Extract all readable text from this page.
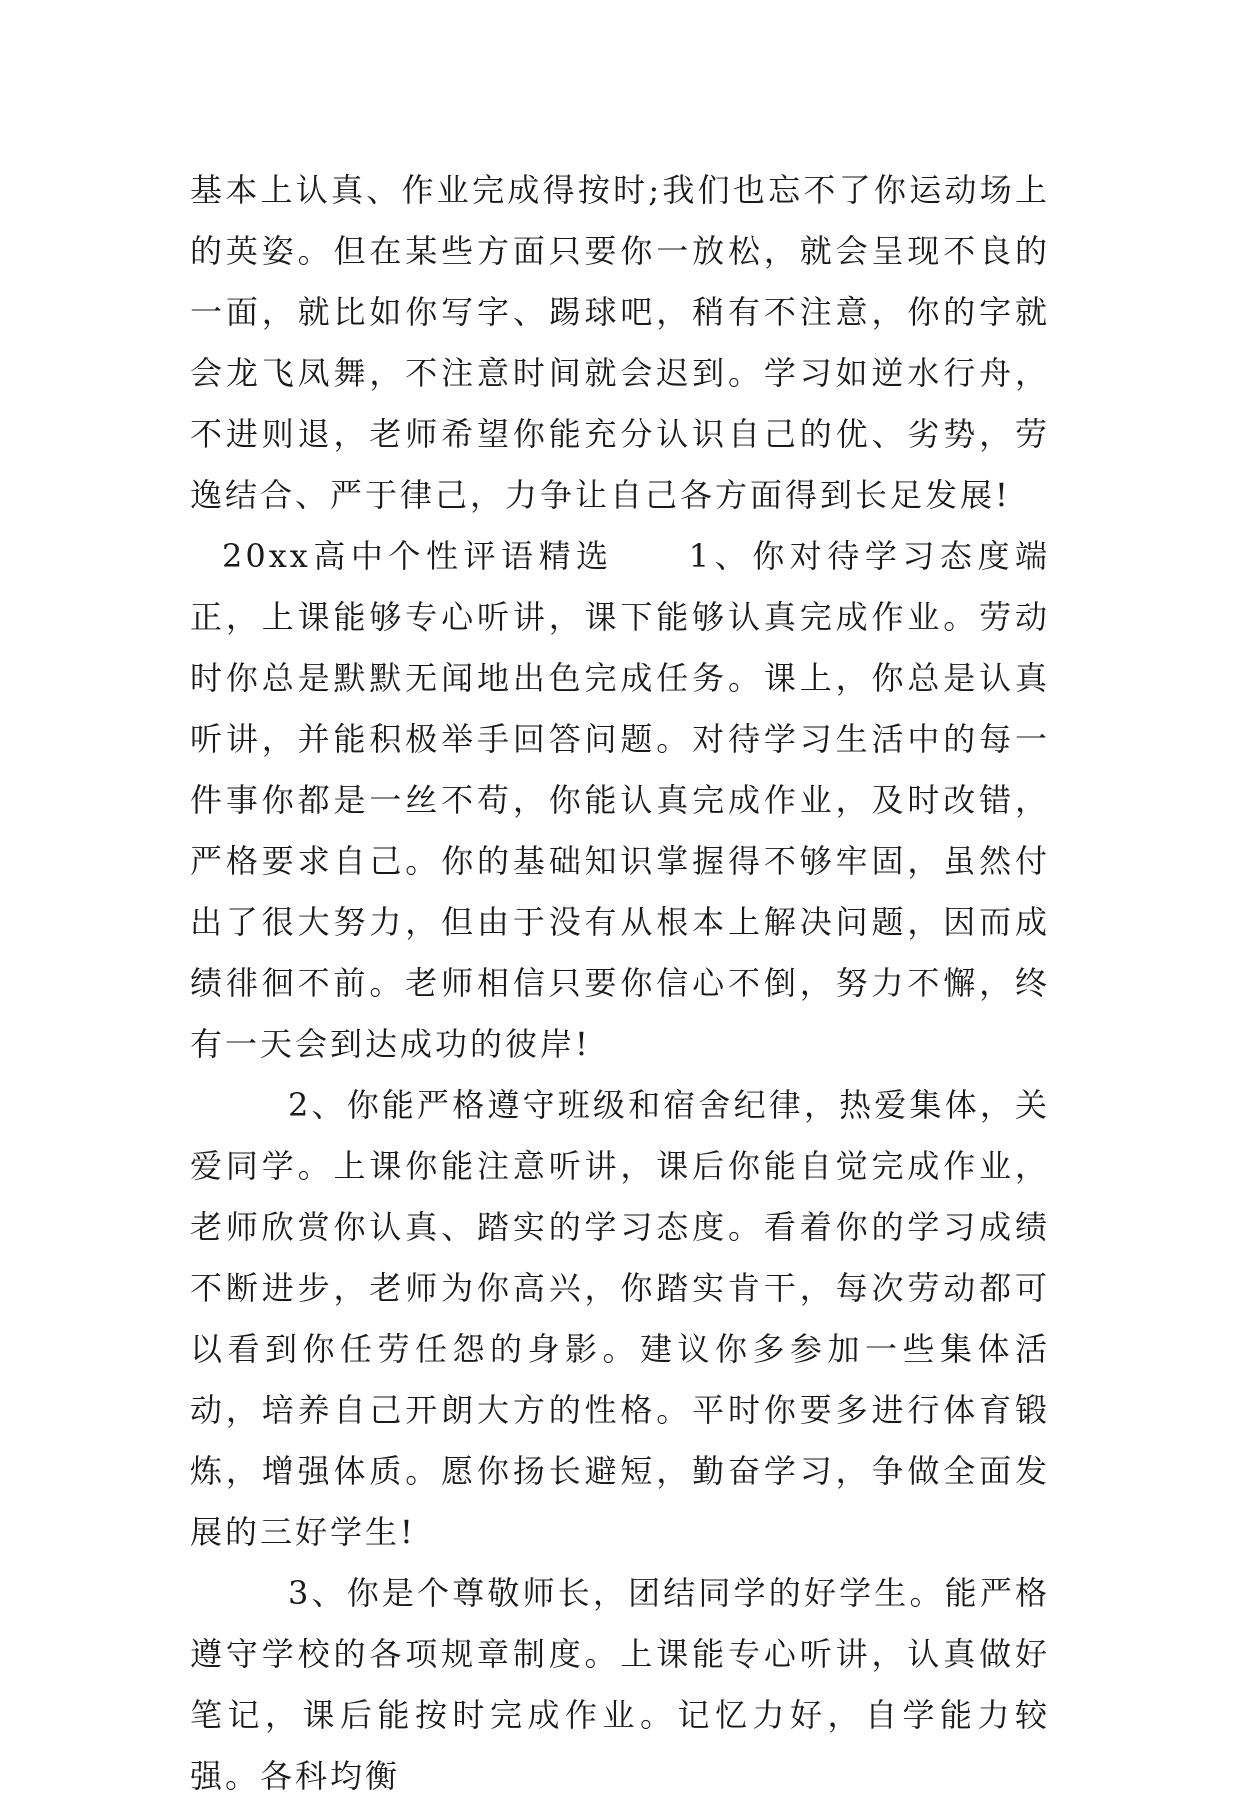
基本上认真、作业完成得按时;我们也忘不了你运动场上的英姿。但在某些方面只要你一放松，就会呈现不良的一面，就比如你写字、踢球吧，稍有不注意，你的字就会龙飞凤舞，不注意时间就会迟到。学习如逆水行舟，不进则退，老师希望你能充分认识自己的优、劣势，劳逸结合、严于律己，力争让自己各方面得到长足发展!

20xx高中个性评语精选　　1、你对待学习态度端正，上课能够专心听讲，课下能够认真完成作业。劳动时你总是默默无闻地出色完成任务。课上，你总是认真听讲，并能积极举手回答问题。对待学习生活中的每一件事你都是一丝不苟，你能认真完成作业，及时改错，严格要求自己。你的基础知识掌握得不够牢固，虽然付出了很大努力，但由于没有从根本上解决问题，因而成绩徘徊不前。老师相信只要你信心不倒，努力不懈，终有一天会到达成功的彼岸!

2、你能严格遵守班级和宿舍纪律，热爱集体，关爱同学。上课你能注意听讲，课后你能自觉完成作业，老师欣赏你认真、踏实的学习态度。看着你的学习成绩不断进步，老师为你高兴，你踏实肯干，每次劳动都可以看到你任劳任怨的身影。建议你多参加一些集体活动，培养自己开朗大方的性格。平时你要多进行体育锻炼，增强体质。愿你扬长避短，勤奋学习，争做全面发展的三好学生!

3、你是个尊敬师长，团结同学的好学生。能严格遵守学校的各项规章制度。上课能专心听讲，认真做好笔记，课后能按时完成作业。记忆力好，自学能力较强。各科均衡
